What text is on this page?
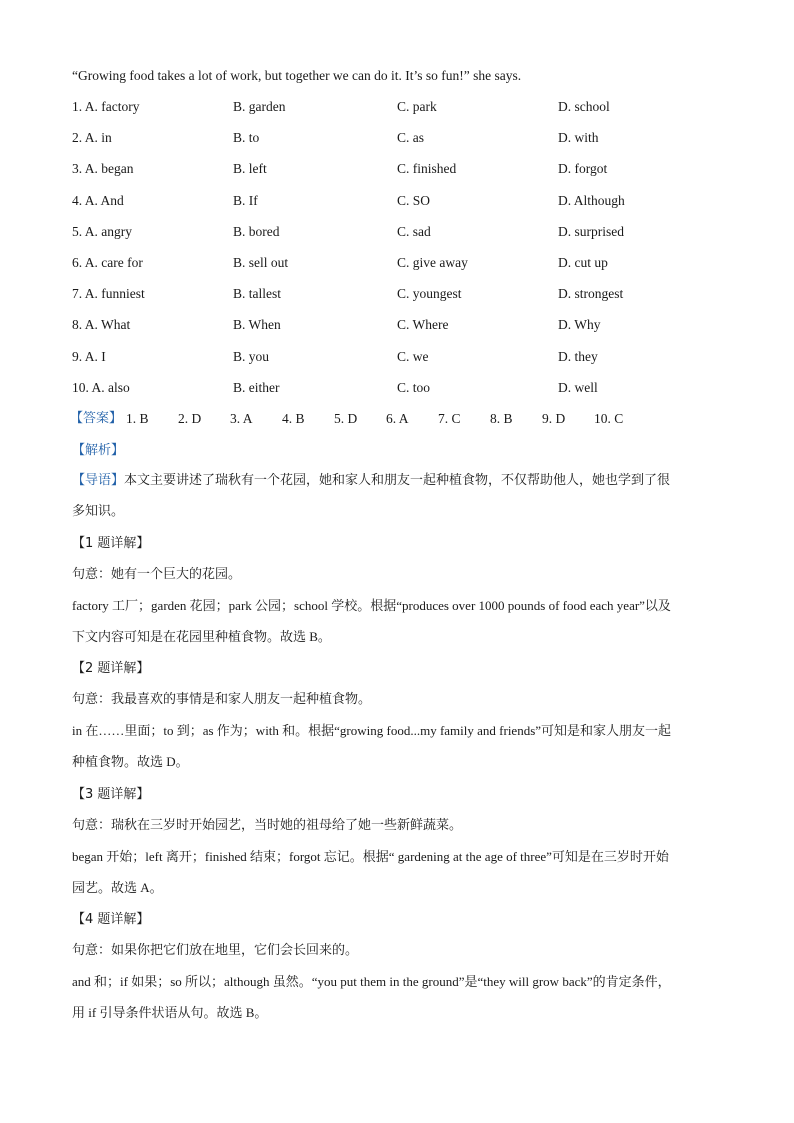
“Growing food takes a lot of work, but together we can do it. It’s so fun!” she says.
1. A. factory	B. garden	C. park	D. school
2. A. in	B. to	C. as	D. with
3. A. began	B. left	C. finished	D. forgot
4. A. And	B. If	C. SO	D. Although
5. A. angry	B. bored	C. sad	D. surprised
6. A. care for	B. sell out	C. give away	D. cut up
7. A. funniest	B. tallest	C. youngest	D. strongest
8. A. What	B. When	C. Where	D. Why
9. A. I	B. you	C. we	D. they
10. A. also	B. either	C. too	D. well
【答案】 1. B 2. D 3. A 4. B 5. D 6. A 7. C 8. B 9. D 10. C
【解析】
【导语】本文主要讲述了瑞秋有一个花园，她和家人和朋友一起种植食物，不仅帮助他人，她也学到了很
多知识。
【1 题详解】
句意：她有一个巨大的花园。
factory 工厂；garden 花园；park 公园；school 学校。根据“produces over 1000 pounds of food each year”以及
下文内容可知是在花园里种植食物。故选 B。
【2 题详解】
句意：我最喜欢的事情是和家人朋友一起种植食物。
in 在……里面；to 到；as 作为；with 和。根据“growing food...my family and friends”可知是和家人朋友一起
种植食物。故选 D。
【3 题详解】
句意：瑞秋在三岁时开始园艺，当时她的祖母给了她一些新鲜蔬菜。
began 开始；left 离开；finished 结束；forgot 忘记。根据“ gardening at the age of three”可知是在三岁时开始
园艺。故选 A。
【4 题详解】
句意：如果你把它们放在地里，它们会长回来的。
and 和；if 如果；so 所以；although 虽然。“you put them in the ground”是“they will grow back”的肯定条件，
用 if 引导条件状语从句。故选 B。
